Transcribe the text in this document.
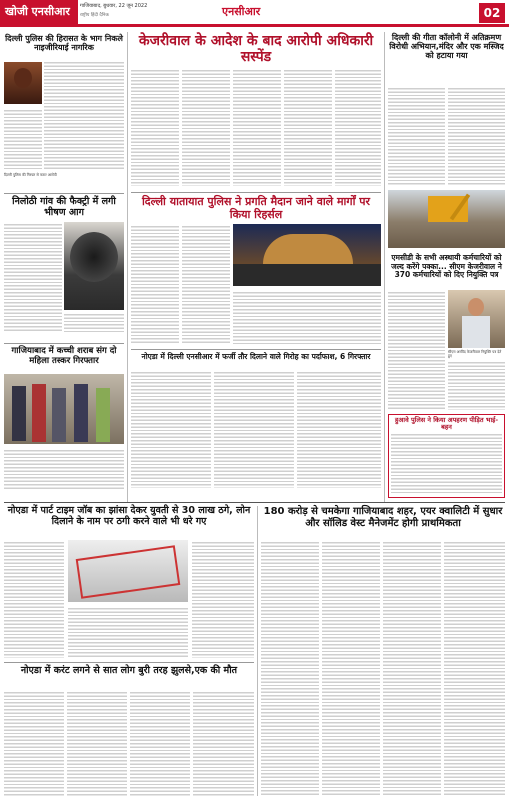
खोजी एनसीआर	गाजियाबाद, बुधवार, 22 जून 2022
राष्ट्रीय हिंदी दैनिक	एनसीआर	02
दिल्ली पुलिस की हिरासत के भाग निकले नाइजीरियाई नागरिक
निलोठी गांव की फैक्ट्री में लगी भीषण आग
गाजियाबाद में कच्ची शराब संग दो महिला तस्कर गिरफ्तार
केजरीवाल के आदेश के बाद आरोपी अधिकारी सस्पेंड
दिल्ली यातायात पुलिस ने प्रगति मैदान जाने वाले मार्गों पर किया रिहर्सल
नोएडा में दिल्ली एनसीआर में फर्जी तौर दिलाने वाले गिरोह का पर्दाफाश, 6 गिरफ्तार
दिल्ली की गीता कॉलोनी में अतिक्रमण विरोधी अभियान,मंदिर और एक मस्जिद को हटाया गया
एमसीडी के सभी अस्थायी कर्मचारियों को जल्द करेंगे पक्का... सीएम केजरीवाल ने 370 कर्मचारियों को दिए नियुक्ति पत्र
सीएम अरविंद केजरीवाल नियुक्ति पत्र देते हुए
हुआवे पुलिस ने किया अपहरण पीड़ित भाई-बहन
नोएडा में पार्ट टाइम जॉब का झांसा देकर युवती से 30 लाख ठगे, लोन दिलाने के नाम पर ठगी करने वाले भी धरे गए
नोएडा में करंट लगने से सात लोग बुरी तरह झुलसे,एक की मौत
180 करोड़ से चमकेगा गाजियाबाद शहर, एयर क्वालिटी में सुधार और सॉलिड वेस्ट मैनेजमेंट होगी प्राथमिकता
दिल्ली पुलिस की गिरफ्त से फरार आरोपी
